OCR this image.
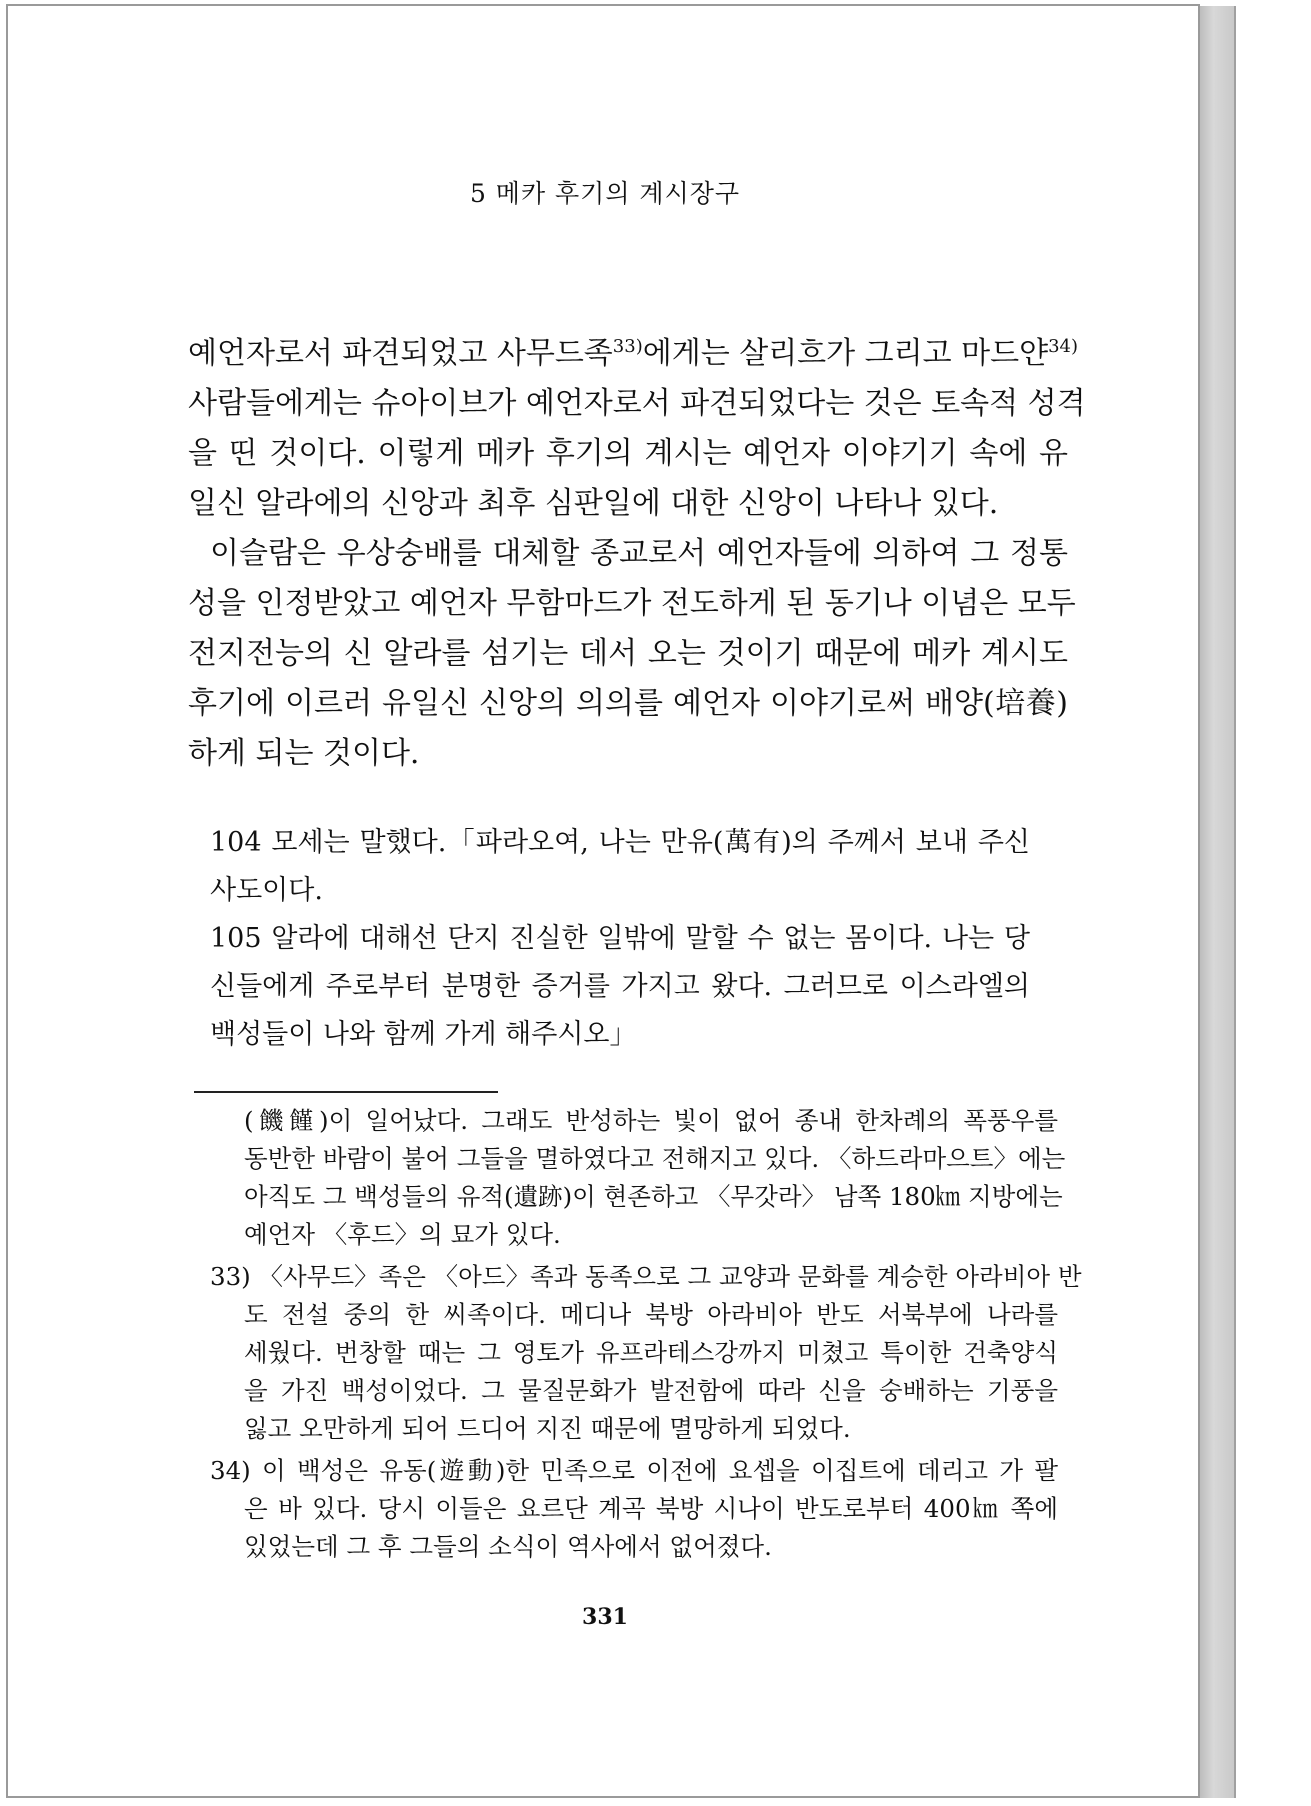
5 메카 후기의 계시장구
예언자로서 파견되었고 사무드족$^{33)}$에게는 살리흐가 그리고 마드얀$^{34)}$
사람들에게는 슈아이브가 예언자로서 파견되었다는 것은 토속적 성격
을 띤 것이다. 이렇게 메카 후기의 계시는 예언자 이야기기 속에 유
일신 알라에의 신앙과 최후 심판일에 대한 신앙이 나타나 있다.
이슬람은 우상숭배를 대체할 종교로서 예언자들에 의하여 그 정통
성을 인정받았고 예언자 무함마드가 전도하게 된 동기나 이념은 모두
전지전능의 신 알라를 섬기는 데서 오는 것이기 때문에 메카 계시도
후기에 이르러 유일신 신앙의 의의를 예언자 이야기로써 배양(培養)
하게 되는 것이다.
104 모세는 말했다.「파라오여, 나는 만유(萬有)의 주께서 보내 주신
사도이다.
105 알라에 대해선 단지 진실한 일밖에 말할 수 없는 몸이다. 나는 당
신들에게 주로부터 분명한 증거를 가지고 왔다. 그러므로 이스라엘의
백성들이 나와 함께 가게 해주시오」
(饑饉)이 일어났다. 그래도 반성하는 빛이 없어 종내 한차례의 폭풍우를
동반한 바람이 불어 그들을 멸하였다고 전해지고 있다. 〈하드라마으트〉에는
아직도 그 백성들의 유적(遺跡)이 현존하고 〈무갓라〉 남쪽 180㎞ 지방에는
예언자 〈후드〉의 묘가 있다.
33) 〈사무드〉족은 〈아드〉족과 동족으로 그 교양과 문화를 계승한 아라비아 반
도 전설 중의 한 씨족이다. 메디나 북방 아라비아 반도 서북부에 나라를
세웠다. 번창할 때는 그 영토가 유프라테스강까지 미쳤고 특이한 건축양식
을 가진 백성이었다. 그 물질문화가 발전함에 따라 신을 숭배하는 기풍을
잃고 오만하게 되어 드디어 지진 때문에 멸망하게 되었다.
34) 이 백성은 유동(遊動)한 민족으로 이전에 요셉을 이집트에 데리고 가 팔
은 바 있다. 당시 이들은 요르단 계곡 북방 시나이 반도로부터 400㎞ 쪽에
있었는데 그 후 그들의 소식이 역사에서 없어졌다.
331
